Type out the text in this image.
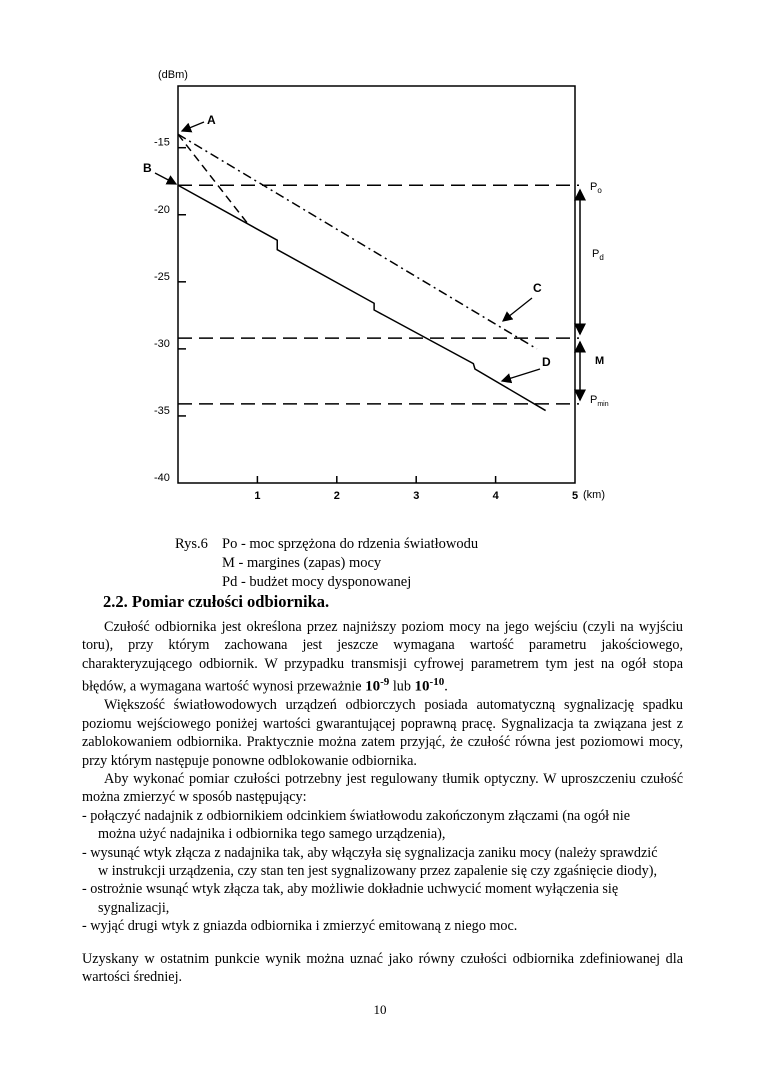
(dBm)
(km)
1	2	3	4	5
-15
-20
-25
-30
-35
-40
A
B
C
D
$P_o$
$P_d$
M
$P_{min}$
Rys.6 Po - moc sprzężona do rdzenia światłowodu
M - margines (zapas) mocy
Pd - budżet mocy dysponowanej
2.2. Pomiar czułości odbiornika.

Czułość odbiornika jest określona przez najniższy poziom mocy na jego wejściu (czyli na wyjściu toru), przy którym zachowana jest jeszcze wymagana wartość parametru jakościowego, charakteryzującego odbiornik. W przypadku transmisji cyfrowej parametrem tym jest na ogół stopa błędów, a wymagana wartość wynosi przeważnie $10^{-9}$ lub $10^{-10}$.

Większość światłowodowych urządzeń odbiorczych posiada automatyczną sygnalizację spadku poziomu wejściowego poniżej wartości gwarantującej poprawną pracę. Sygnalizacja ta związana jest z zablokowaniem odbiornika. Praktycznie można zatem przyjąć, że czułość równa jest poziomowi mocy, przy którym następuje ponowne odblokowanie odbiornika.

Aby wykonać pomiar czułości potrzebny jest regulowany tłumik optyczny. W uproszczeniu czułość można zmierzyć w sposób następujący:

- połączyć nadajnik z odbiornikiem odcinkiem światłowodu zakończonym złączami (na ogół nie można użyć nadajnika i odbiornika tego samego urządzenia),
- wysunąć wtyk złącza z nadajnika tak, aby włączyła się sygnalizacja zaniku mocy (należy sprawdzić w instrukcji urządzenia, czy stan ten jest sygnalizowany przez zapalenie się czy zgaśnięcie diody),
- ostrożnie wsunąć wtyk złącza tak, aby możliwie dokładnie uchwycić moment wyłączenia się sygnalizacji,
- wyjąć drugi wtyk z gniazda odbiornika i zmierzyć emitowaną z niego moc.

Uzyskany w ostatnim punkcie wynik można uznać jako równy czułości odbiornika zdefiniowanej dla wartości średniej.

10
